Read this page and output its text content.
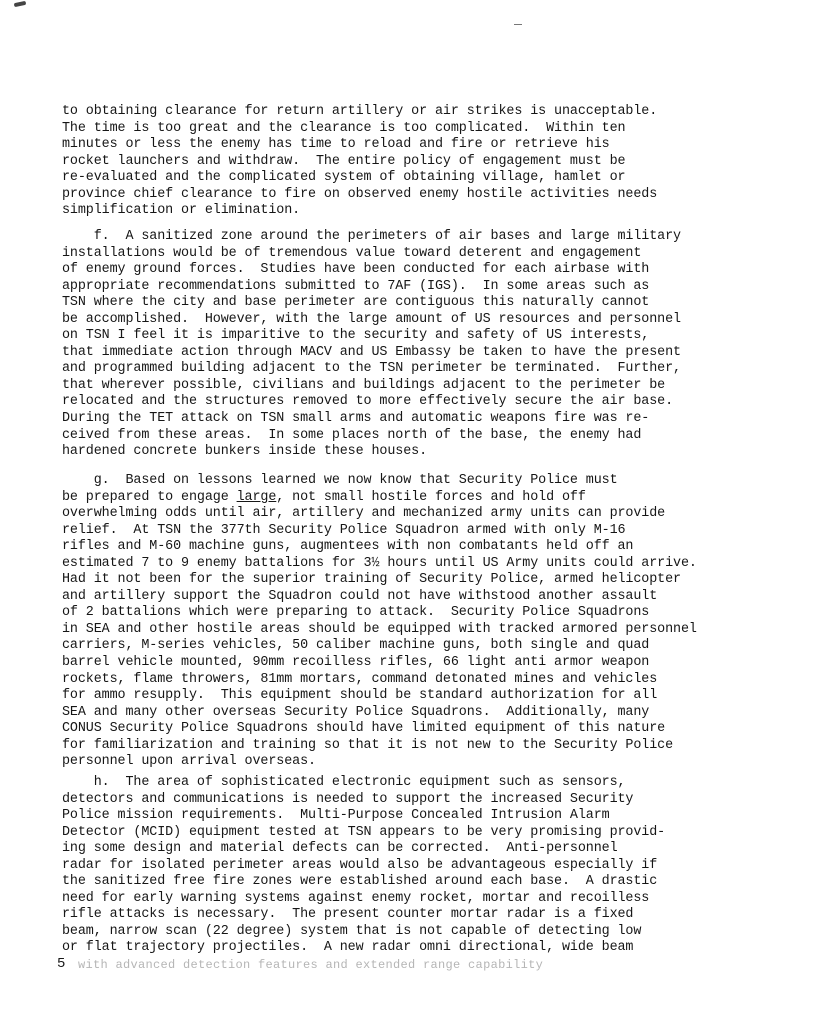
to obtaining clearance for return artillery or air strikes is unacceptable.
The time is too great and the clearance is too complicated.  Within ten
minutes or less the enemy has time to reload and fire or retrieve his
rocket launchers and withdraw.  The entire policy of engagement must be
re-evaluated and the complicated system of obtaining village, hamlet or
province chief clearance to fire on observed enemy hostile activities needs
simplification or elimination.
f.  A sanitized zone around the perimeters of air bases and large military
installations would be of tremendous value toward deterent and engagement
of enemy ground forces.  Studies have been conducted for each airbase with
appropriate recommendations submitted to 7AF (IGS).  In some areas such as
TSN where the city and base perimeter are contiguous this naturally cannot
be accomplished.  However, with the large amount of US resources and personnel
on TSN I feel it is imparitive to the security and safety of US interests,
that immediate action through MACV and US Embassy be taken to have the present
and programmed building adjacent to the TSN perimeter be terminated.  Further,
that wherever possible, civilians and buildings adjacent to the perimeter be
relocated and the structures removed to more effectively secure the air base.
During the TET attack on TSN small arms and automatic weapons fire was re-
ceived from these areas.  In some places north of the base, the enemy had
hardened concrete bunkers inside these houses.
g.  Based on lessons learned we now know that Security Police must
be prepared to engage large, not small hostile forces and hold off
overwhelming odds until air, artillery and mechanized army units can provide
relief.  At TSN the 377th Security Police Squadron armed with only M-16
rifles and M-60 machine guns, augmentees with non combatants held off an
estimated 7 to 9 enemy battalions for 3½ hours until US Army units could arrive.
Had it not been for the superior training of Security Police, armed helicopter
and artillery support the Squadron could not have withstood another assault
of 2 battalions which were preparing to attack.  Security Police Squadrons
in SEA and other hostile areas should be equipped with tracked armored personnel
carriers, M-series vehicles, 50 caliber machine guns, both single and quad
barrel vehicle mounted, 90mm recoilless rifles, 66 light anti armor weapon
rockets, flame throwers, 81mm mortars, command detonated mines and vehicles
for ammo resupply.  This equipment should be standard authorization for all
SEA and many other overseas Security Police Squadrons.  Additionally, many
CONUS Security Police Squadrons should have limited equipment of this nature
for familiarization and training so that it is not new to the Security Police
personnel upon arrival overseas.
h.  The area of sophisticated electronic equipment such as sensors,
detectors and communications is needed to support the increased Security
Police mission requirements.  Multi-Purpose Concealed Intrusion Alarm
Detector (MCID) equipment tested at TSN appears to be very promising provid-
ing some design and material defects can be corrected.  Anti-personnel
radar for isolated perimeter areas would also be advantageous especially if
the sanitized free fire zones were established around each base.  A drastic
need for early warning systems against enemy rocket, mortar and recoilless
rifle attacks is necessary.  The present counter mortar radar is a fixed
beam, narrow scan (22 degree) system that is not capable of detecting low
or flat trajectory projectiles.  A new radar omni directional, wide beam
5 with advanced detection features and extended range capability
